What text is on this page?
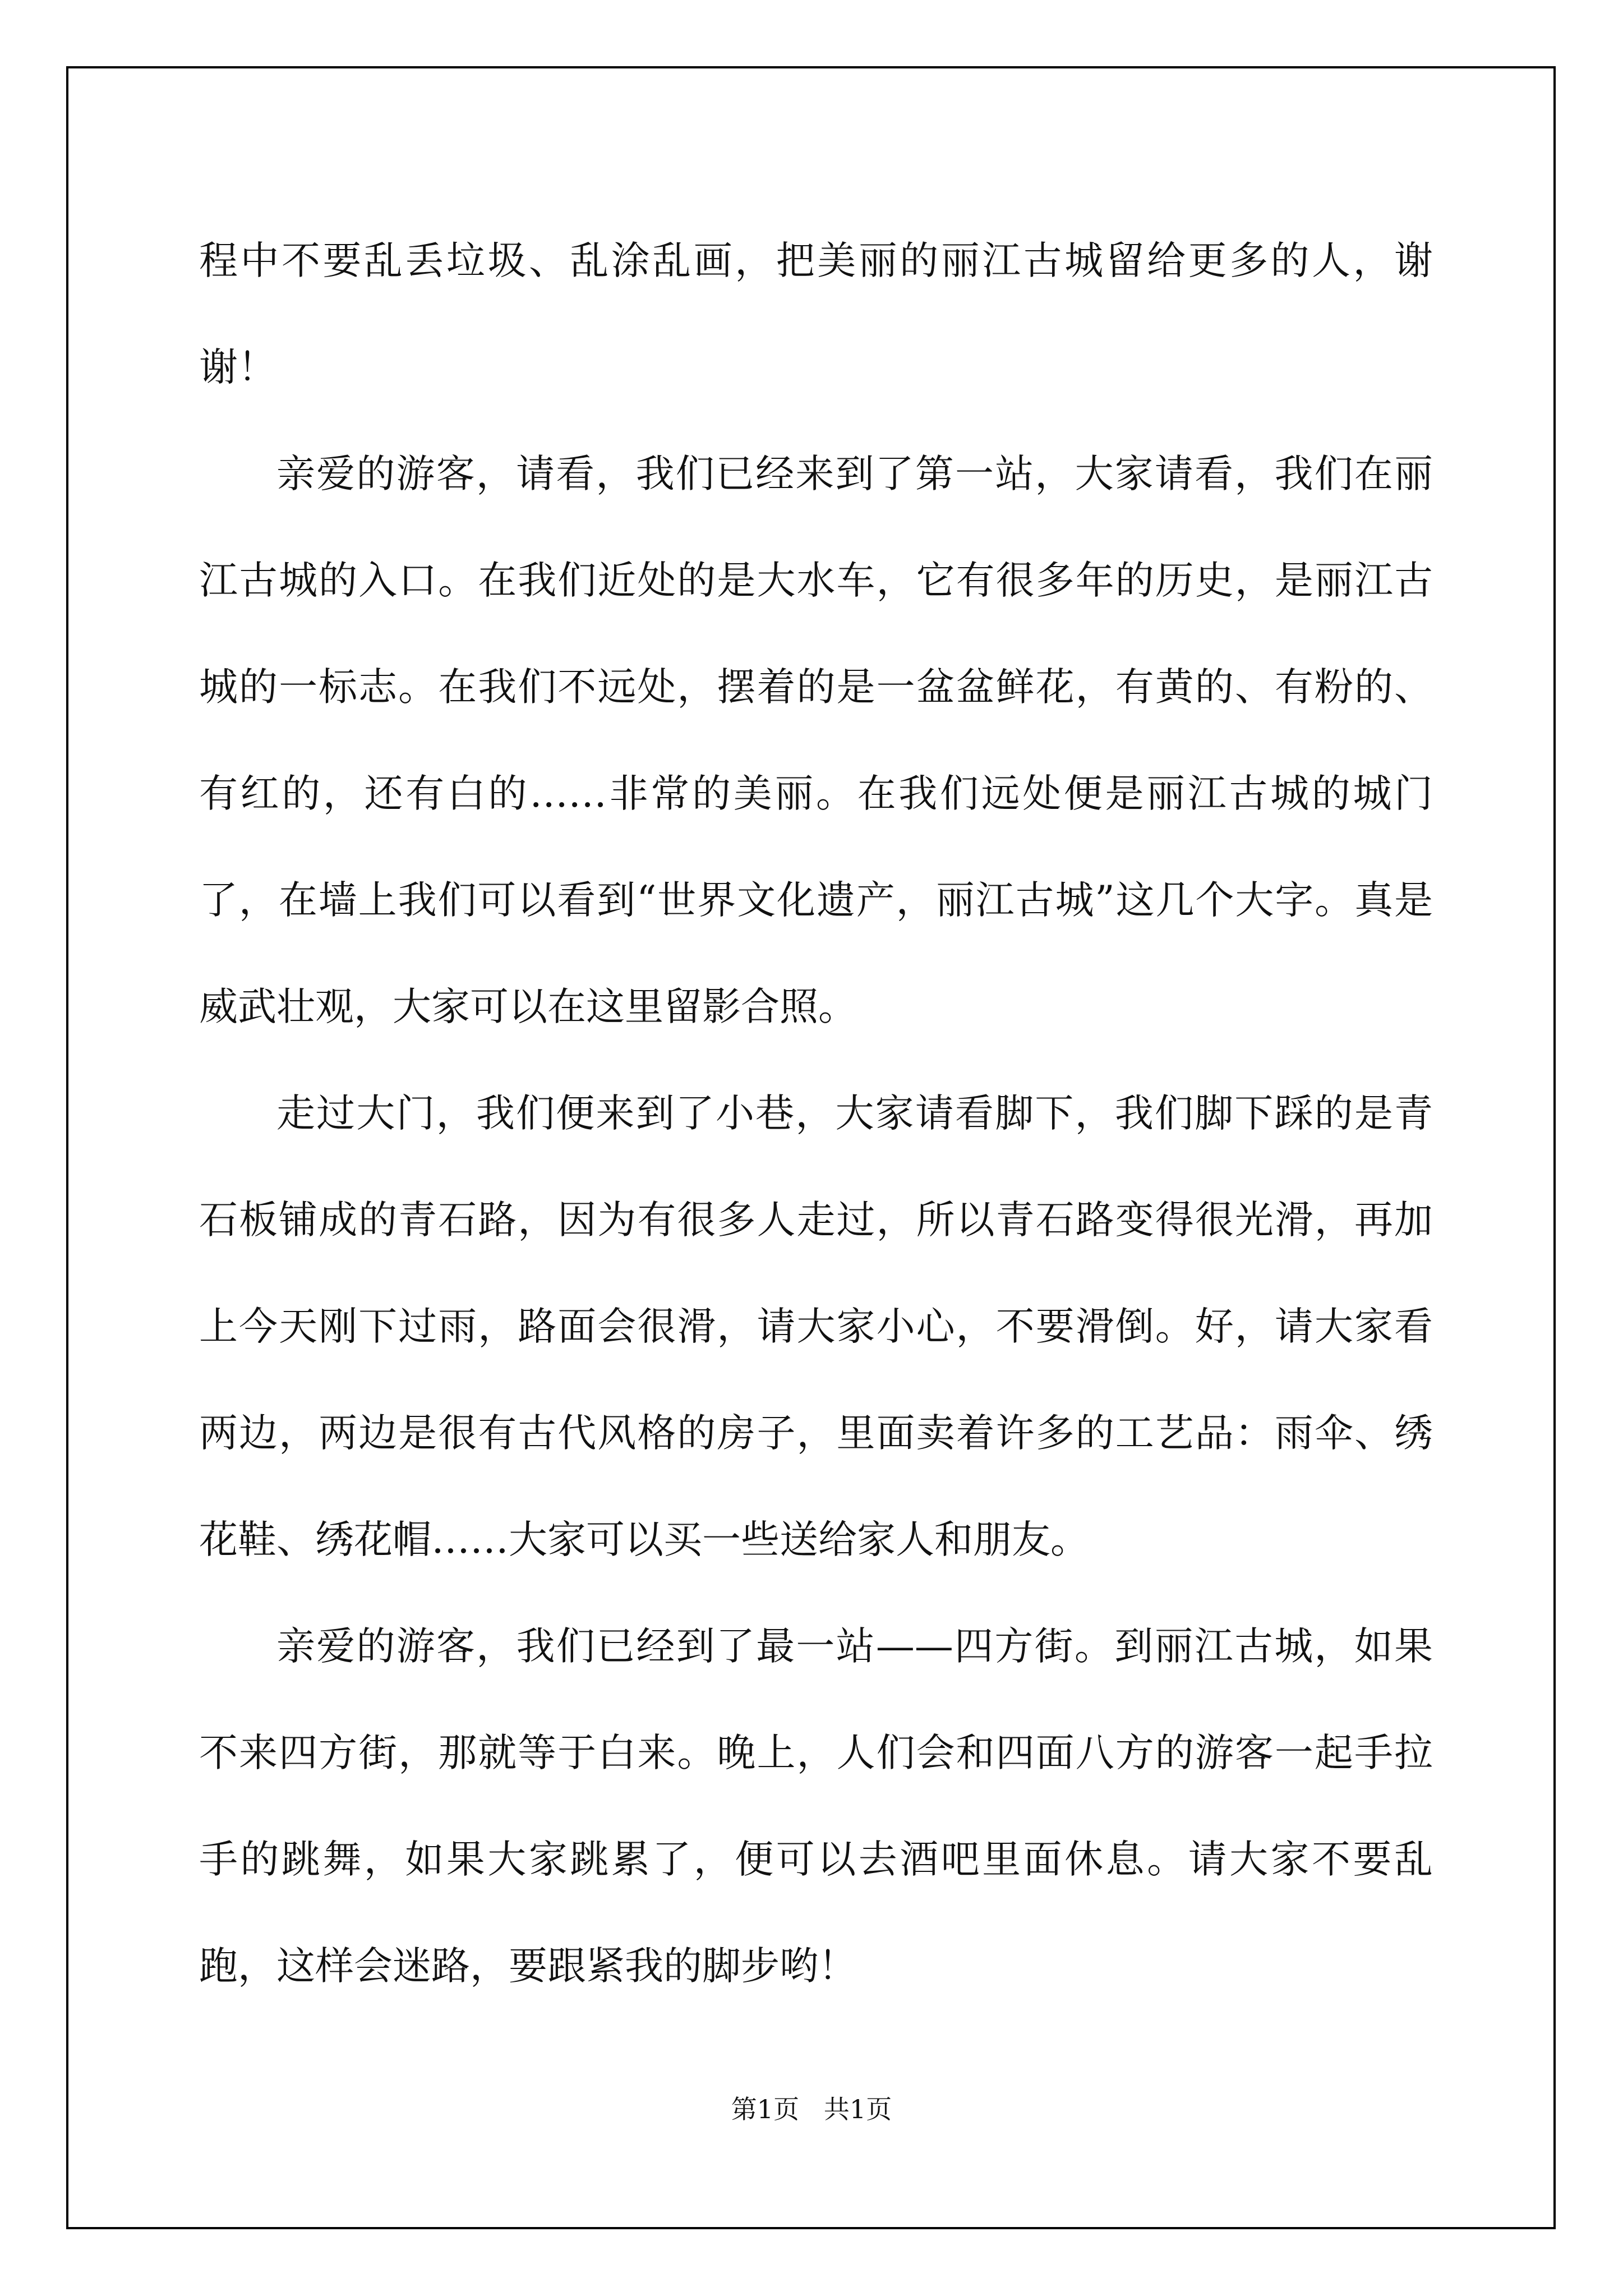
程中不要乱丢垃圾、乱涂乱画，把美丽的丽江古城留给更多的人，谢谢！

亲爱的游客，请看，我们已经来到了第一站，大家请看，我们在丽江古城的入口。在我们近处的是大水车，它有很多年的历史，是丽江古城的一标志。在我们不远处，摆着的是一盆盆鲜花，有黄的、有粉的、有红的，还有白的……非常的美丽。在我们远处便是丽江古城的城门了，在墙上我们可以看到“世界文化遗产，丽江古城”这几个大字。真是威武壮观，大家可以在这里留影合照。

走过大门，我们便来到了小巷，大家请看脚下，我们脚下踩的是青石板铺成的青石路，因为有很多人走过，所以青石路变得很光滑，再加上今天刚下过雨，路面会很滑，请大家小心，不要滑倒。好，请大家看两边，两边是很有古代风格的房子，里面卖着许多的工艺品：雨伞、绣花鞋、绣花帽……大家可以买一些送给家人和朋友。

亲爱的游客，我们已经到了最一站——四方街。到丽江古城，如果不来四方街，那就等于白来。晚上，人们会和四面八方的游客一起手拉手的跳舞，如果大家跳累了，便可以去酒吧里面休息。请大家不要乱跑，这样会迷路，要跟紧我的脚步哟！

第1页   共1页
